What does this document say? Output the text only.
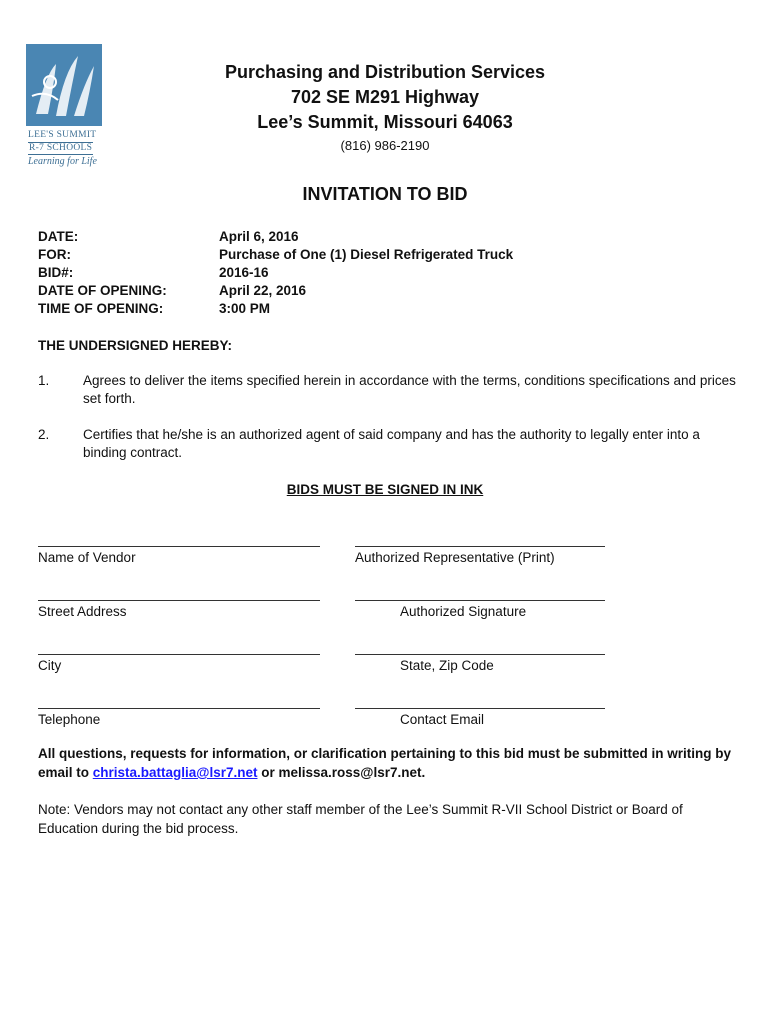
LEE'S SUMMIT
R-7 SCHOOLS
Learning for Life
Purchasing and Distribution Services
702 SE M291 Highway
Lee’s Summit, Missouri 64063
(816) 986-2190
INVITATION TO BID
DATE:	April 6, 2016
FOR:	Purchase of One (1) Diesel Refrigerated Truck
BID#:	2016-16
DATE OF OPENING:	April 22, 2016
TIME OF OPENING:	3:00 PM
THE UNDERSIGNED HEREBY:
1. Agrees to deliver the items specified herein in accordance with the terms, conditions specifications and prices set forth.
2. Certifies that he/she is an authorized agent of said company and has the authority to legally enter into a binding contract.
BIDS MUST BE SIGNED IN INK
Name of Vendor	Authorized Representative (Print)
Street Address	Authorized Signature
City	State, Zip Code
Telephone	Contact Email
All questions, requests for information, or clarification pertaining to this bid must be submitted in writing by email to christa.battaglia@lsr7.net or melissa.ross@lsr7.net.
Note: Vendors may not contact any other staff member of the Lee’s Summit R-VII School District or Board of Education during the bid process.
